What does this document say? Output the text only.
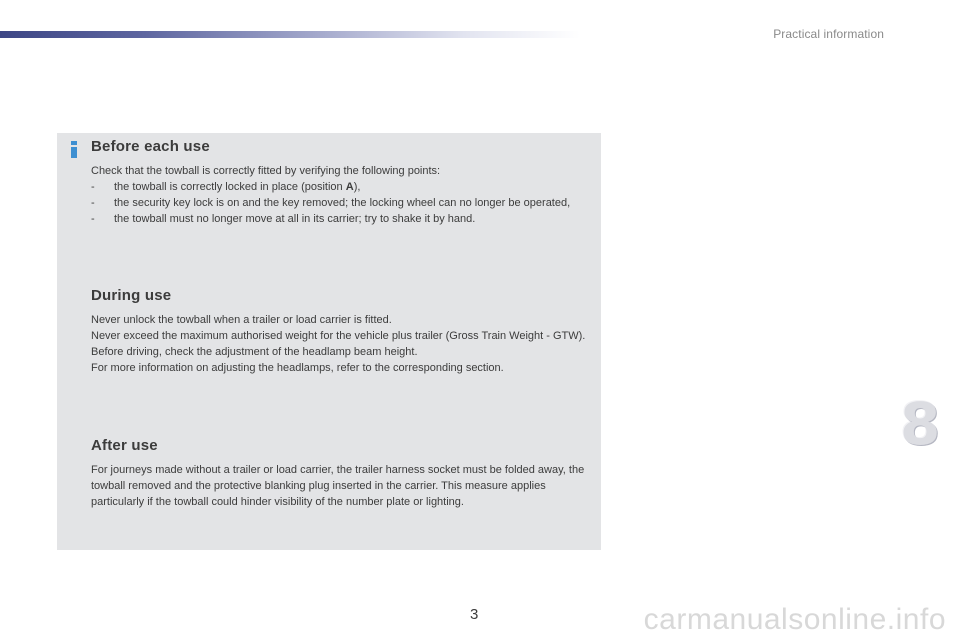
Practical information
Before each use

Check that the towball is correctly fitted by verifying the following points:

- the towball is correctly locked in place (position A),
- the security key lock is on and the key removed; the locking wheel can no longer be operated,
- the towball must no longer move at all in its carrier; try to shake it by hand.
During use

Never unlock the towball when a trailer or load carrier is fitted.

Never exceed the maximum authorised weight for the vehicle plus trailer (Gross Train Weight - GTW).

Before driving, check the adjustment of the headlamp beam height.

For more information on adjusting the headlamps, refer to the corresponding section.

After use

For journeys made without a trailer or load carrier, the trailer harness socket must be folded away, the towball removed and the protective blanking plug inserted in the carrier. This measure applies particularly if the towball could hinder visibility of the number plate or lighting.

8
3	carmanualsonline.info
